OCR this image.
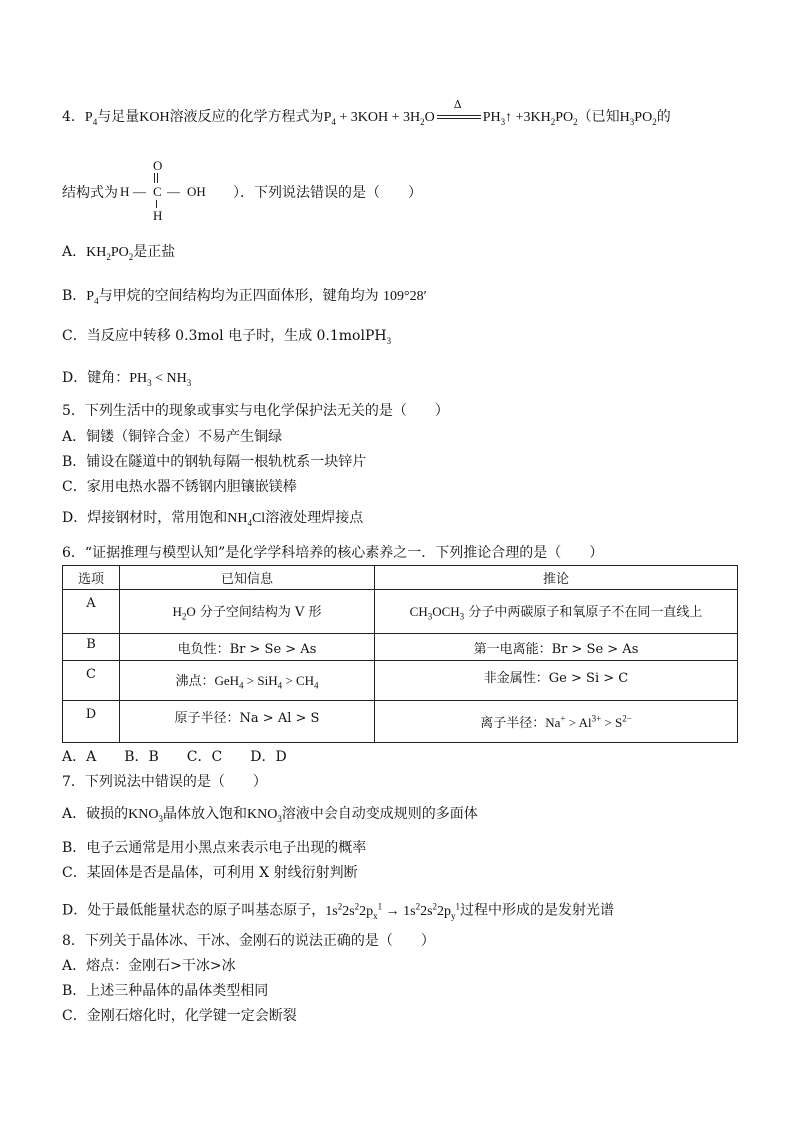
4．$P_4$与足量KOH溶液反应的化学方程式为$P_4 + 3KOH + 3H_2O$
Δ
$PH_3↑ +3KH_2PO_2$（已知$H_3PO_2$的
结构式为	）．下列说法错误的是（　　）
O
H — C — OH
H
A．$KH_2PO_2$是正盐
B．$P_4$与甲烷的空间结构均为正四面体形，键角均为 109°28′
C．当反应中转移 0.3mol 电子时，生成 0.1molPH$_3$
D．键角：$PH_3 < NH_3$
5．下列生活中的现象或事实与电化学保护法无关的是（　　）
A．铜镂（铜锌合金）不易产生铜绿
B．铺设在隧道中的钢轨每隔一根轨枕系一块锌片
C．家用电热水器不锈钢内胆镶嵌镁棒
D．焊接钢材时，常用饱和$NH_4Cl$溶液处理焊接点
6．“证据推理与模型认知”是化学学科培养的核心素养之一．下列推论合理的是（　　）
选项	已知信息	推论
A	$H_2O$ 分子空间结构为 V 形	$CH_3OCH_3$ 分子中两碳原子和氧原子不在同一直线上
B	电负性：Br > Se > As	第一电离能：Br > Se > As
C	沸点：$GeH_4 > SiH_4 > CH_4$	非金属性：Ge > Si > C
D	原子半径：Na > Al > S	离子半径：$Na^+ > Al^{3+} > S^{2-}$
A．A　　B．B　　C．C　　D．D
7．下列说法中错误的是（　　）
A．破损的$KNO_3$晶体放入饱和$KNO_3$溶液中会自动变成规则的多面体
B．电子云通常是用小黑点来表示电子出现的概率
C．某固体是否是晶体，可利用 X 射线衍射判断
D．处于最低能量状态的原子叫基态原子，$1s^22s^22p_x^1 \to 1s^22s^22p_y^1$过程中形成的是发射光谱
8．下列关于晶体冰、干冰、金刚石的说法正确的是（　　）
A．熔点：金刚石>干冰>冰
B．上述三种晶体的晶体类型相同
C．金刚石熔化时，化学键一定会断裂
